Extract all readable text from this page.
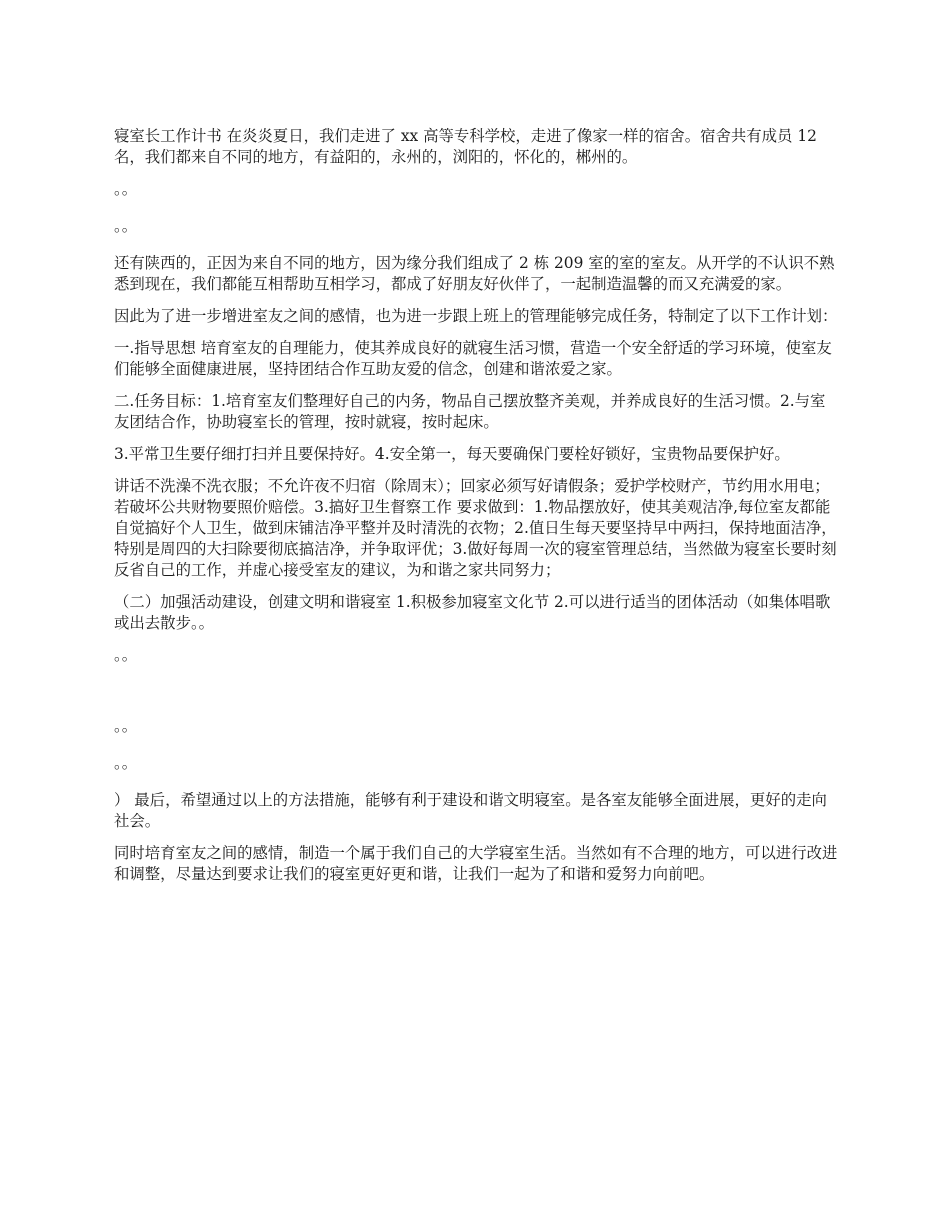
寝室长工作计书 在炎炎夏日，我们走进了 xx 高等专科学校，走进了像家一样的宿舍。宿舍共有成员 12 名，我们都来自不同的地方，有益阳的，永州的，浏阳的，怀化的，郴州的。

。。

。。

还有陕西的，正因为来自不同的地方，因为缘分我们组成了 2 栋 209 室的室的室友。从开学的不认识不熟悉到现在，我们都能互相帮助互相学习，都成了好朋友好伙伴了，一起制造温馨的而又充满爱的家。

因此为了进一步增进室友之间的感情，也为进一步跟上班上的管理能够完成任务，特制定了以下工作计划：

一.指导思想 培育室友的自理能力，使其养成良好的就寝生活习惯，营造一个安全舒适的学习环境，使室友们能够全面健康进展，坚持团结合作互助友爱的信念，创建和谐浓爱之家。

二.任务目标：1.培育室友们整理好自己的内务，物品自己摆放整齐美观，并养成良好的生活习惯。2.与室友团结合作，协助寝室长的管理，按时就寝，按时起床。

3.平常卫生要仔细打扫并且要保持好。4.安全第一，每天要确保门要栓好锁好，宝贵物品要保护好。

讲话不洗澡不洗衣服；不允许夜不归宿（除周末）；回家必须写好请假条；爱护学校财产，节约用水用电；若破坏公共财物要照价赔偿。3.搞好卫生督察工作 要求做到：1.物品摆放好，使其美观洁净,每位室友都能自觉搞好个人卫生，做到床铺洁净平整并及时清洗的衣物；2.值日生每天要坚持早中两扫，保持地面洁净，特别是周四的大扫除要彻底搞洁净，并争取评优；3.做好每周一次的寝室管理总结，当然做为寝室长要时刻反省自己的工作，并虚心接受室友的建议，为和谐之家共同努力；

（二）加强活动建设，创建文明和谐寝室 1.积极参加寝室文化节 2.可以进行适当的团体活动（如集体唱歌或出去散步。。

。。

。。

。。

） 最后，希望通过以上的方法措施，能够有利于建设和谐文明寝室。是各室友能够全面进展，更好的走向社会。

同时培育室友之间的感情，制造一个属于我们自己的大学寝室生活。当然如有不合理的地方，可以进行改进和调整，尽量达到要求让我们的寝室更好更和谐，让我们一起为了和谐和爱努力向前吧。
